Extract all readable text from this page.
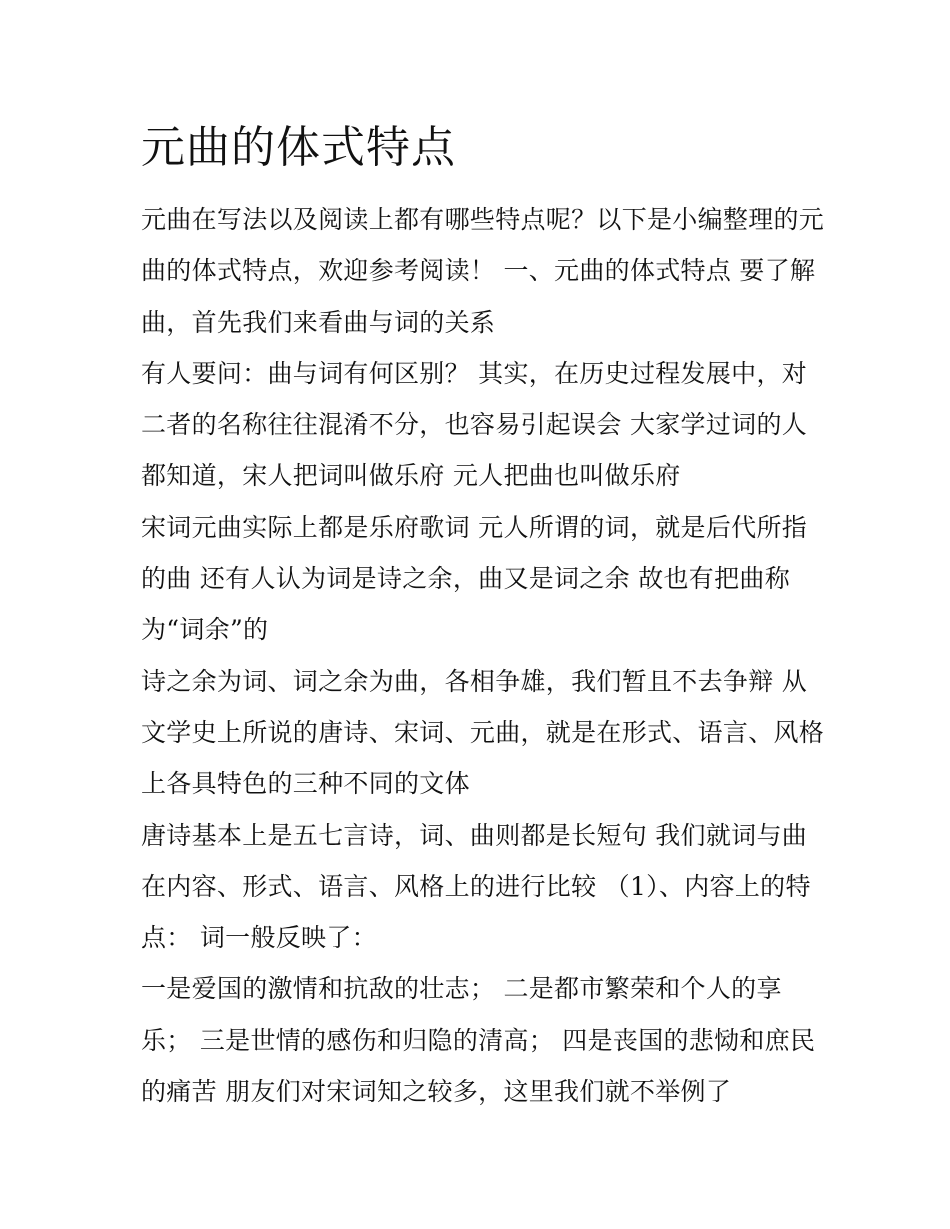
元曲的体式特点
元曲在写法以及阅读上都有哪些特点呢？以下是小编整理的元
曲的体式特点，欢迎参考阅读！ 一、元曲的体式特点 要了解
曲，首先我们来看曲与词的关系
有人要问：曲与词有何区别？ 其实，在历史过程发展中，对
二者的名称往往混淆不分，也容易引起误会 大家学过词的人
都知道，宋人把词叫做乐府 元人把曲也叫做乐府
宋词元曲实际上都是乐府歌词 元人所谓的词，就是后代所指
的曲 还有人认为词是诗之余，曲又是词之余 故也有把曲称
为“词余”的
诗之余为词、词之余为曲，各相争雄，我们暂且不去争辩 从
文学史上所说的唐诗、宋词、元曲，就是在形式、语言、风格
上各具特色的三种不同的文体
唐诗基本上是五七言诗，词、曲则都是长短句 我们就词与曲
在内容、形式、语言、风格上的进行比较 （1）、内容上的特
点： 词一般反映了：
一是爱国的激情和抗敌的壮志； 二是都市繁荣和个人的享
乐； 三是世情的感伤和归隐的清高； 四是丧国的悲恸和庶民
的痛苦 朋友们对宋词知之较多，这里我们就不举例了
